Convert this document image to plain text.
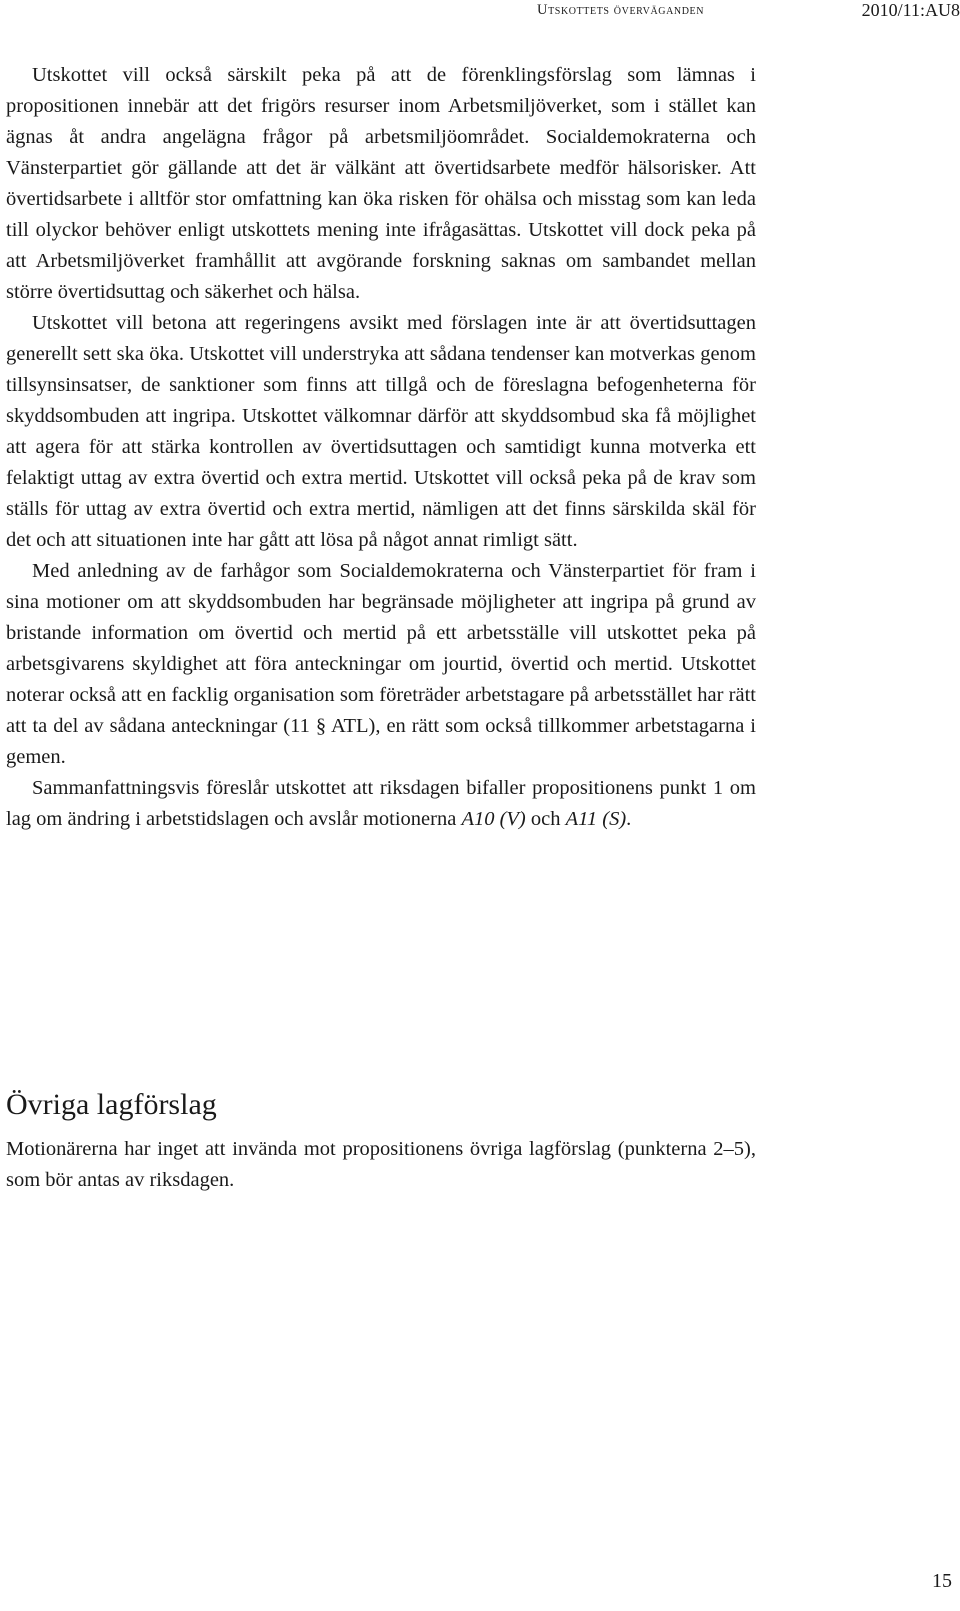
Utskottets överväganden	2010/11:AU8

Utskottet vill också särskilt peka på att de förenklingsförslag som lämnas i propositionen innebär att det frigörs resurser inom Arbetsmiljöverket, som i stället kan ägnas åt andra angelägna frågor på arbetsmiljöområdet. Socialdemokraterna och Vänsterpartiet gör gällande att det är välkänt att övertidsarbete medför hälsorisker. Att övertidsarbete i alltför stor omfattning kan öka risken för ohälsa och misstag som kan leda till olyckor behöver enligt utskottets mening inte ifrågasättas. Utskottet vill dock peka på att Arbetsmiljöverket framhållit att avgörande forskning saknas om sambandet mellan större övertidsuttag och säkerhet och hälsa.

Utskottet vill betona att regeringens avsikt med förslagen inte är att övertidsuttagen generellt sett ska öka. Utskottet vill understryka att sådana tendenser kan motverkas genom tillsynsinsatser, de sanktioner som finns att tillgå och de föreslagna befogenheterna för skyddsombuden att ingripa. Utskottet välkomnar därför att skyddsombud ska få möjlighet att agera för att stärka kontrollen av övertidsuttagen och samtidigt kunna motverka ett felaktigt uttag av extra övertid och extra mertid. Utskottet vill också peka på de krav som ställs för uttag av extra övertid och extra mertid, nämligen att det finns särskilda skäl för det och att situationen inte har gått att lösa på något annat rimligt sätt.

Med anledning av de farhågor som Socialdemokraterna och Vänsterpartiet för fram i sina motioner om att skyddsombuden har begränsade möjligheter att ingripa på grund av bristande information om övertid och mertid på ett arbetsställe vill utskottet peka på arbetsgivarens skyldighet att föra anteckningar om jourtid, övertid och mertid. Utskottet noterar också att en facklig organisation som företräder arbetstagare på arbetsstället har rätt att ta del av sådana anteckningar (11 § ATL), en rätt som också tillkommer arbetstagarna i gemen.

Sammanfattningsvis föreslår utskottet att riksdagen bifaller propositionens punkt 1 om lag om ändring i arbetstidslagen och avslår motionerna A10 (V) och A11 (S).

Övriga lagförslag

Motionärerna har inget att invända mot propositionens övriga lagförslag (punkterna 2–5), som bör antas av riksdagen.

15
